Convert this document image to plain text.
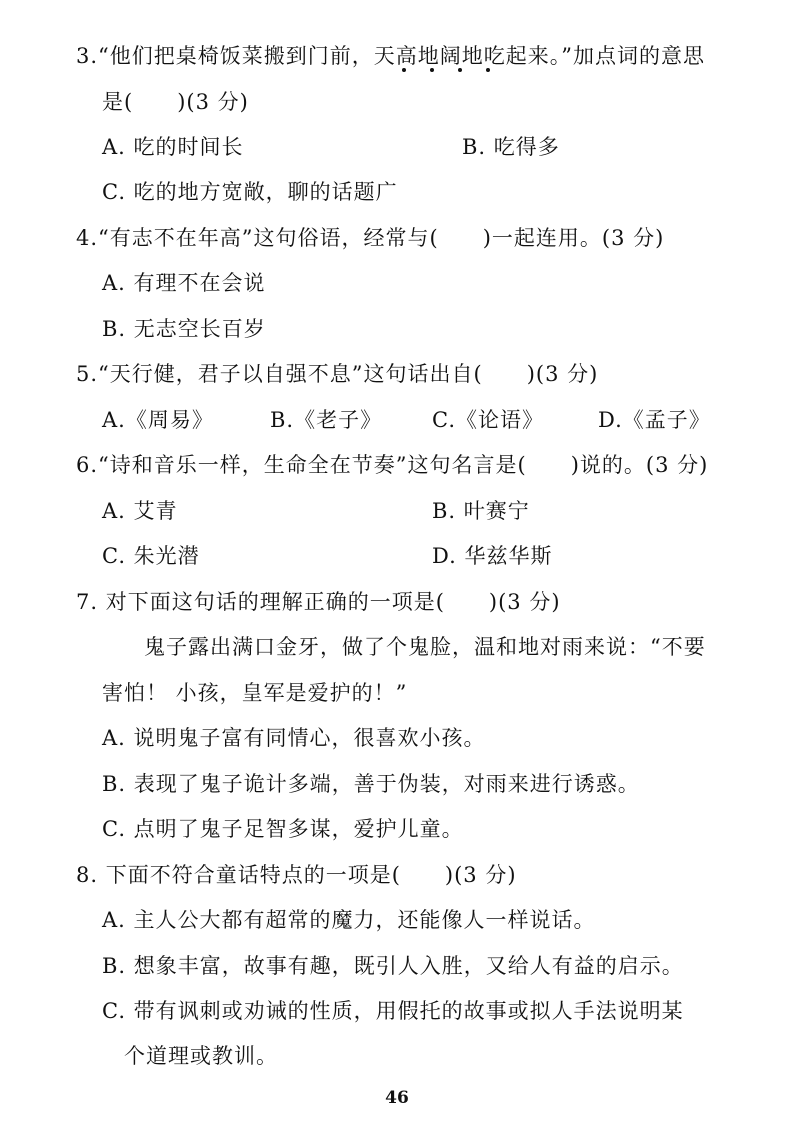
3.“他们把桌椅饭菜搬到门前，天高地阔地吃起来。”加点词的意思
是(　　)(3 分)
A. 吃的时间长	B. 吃得多
C. 吃的地方宽敞，聊的话题广
4.“有志不在年高”这句俗语，经常与(　　)一起连用。(3 分)
A. 有理不在会说
B. 无志空长百岁
5.“天行健，君子以自强不息”这句话出自(　　)(3 分)
A.《周易》	B.《老子》 C.《论语》	D.《孟子》
6.“诗和音乐一样，生命全在节奏”这句名言是(　　)说的。(3 分)
A. 艾青	B. 叶赛宁
C. 朱光潜	D. 华兹华斯
7. 对下面这句话的理解正确的一项是(　　)(3 分)
鬼子露出满口金牙，做了个鬼脸，温和地对雨来说：“不要
害怕！ 小孩，皇军是爱护的！”
A. 说明鬼子富有同情心，很喜欢小孩。
B. 表现了鬼子诡计多端，善于伪装，对雨来进行诱惑。
C. 点明了鬼子足智多谋，爱护儿童。
8. 下面不符合童话特点的一项是(　　)(3 分)
A. 主人公大都有超常的魔力，还能像人一样说话。
B. 想象丰富，故事有趣，既引人入胜，又给人有益的启示。
C. 带有讽刺或劝诫的性质，用假托的故事或拟人手法说明某
个道理或教训。
46
